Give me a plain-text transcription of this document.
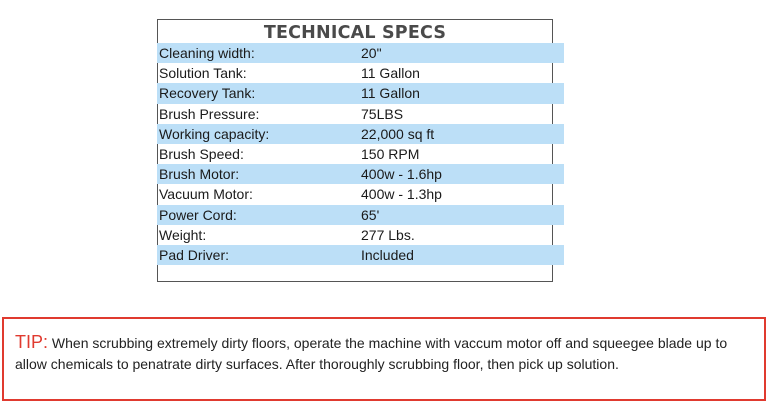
TECHNICAL SPECS
Cleaning width:	20"
Solution Tank:	11 Gallon
Recovery Tank:	11 Gallon
Brush Pressure:	75LBS
Working capacity:	22,000 sq ft
Brush Speed:	150 RPM
Brush Motor:	400w - 1.6hp
Vacuum Motor:	400w - 1.3hp
Power Cord:	65'
Weight:	277 Lbs.
Pad Driver:	Included
TIP: When scrubbing extremely dirty floors, operate the machine with vaccum motor off and squeegee blade up to allow chemicals to penatrate dirty surfaces. After thoroughly scrubbing floor, then pick up solution.
